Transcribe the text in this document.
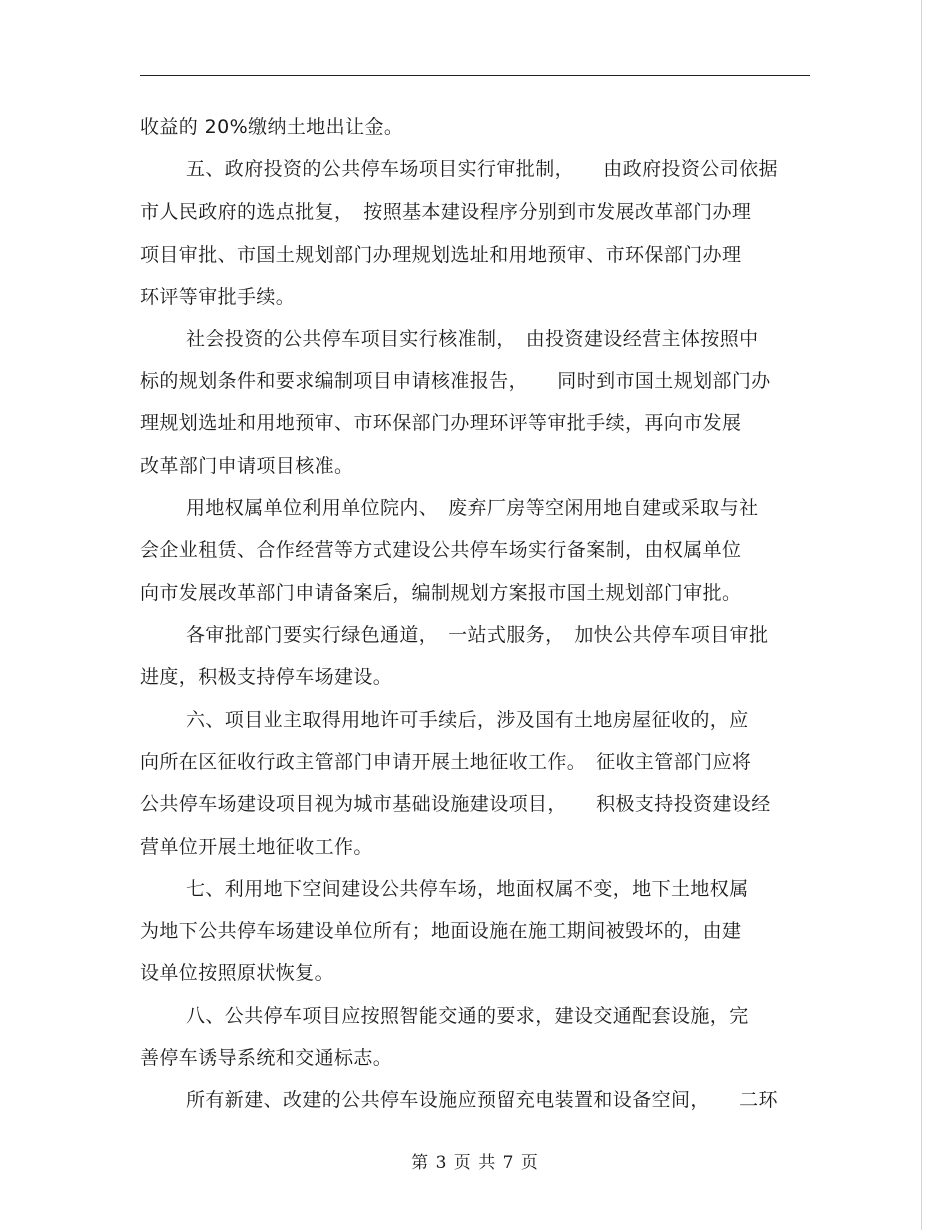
收益的 20%缴纳土地出让金。
五、政府投资的公共停车场项目实行审批制，　　由政府投资公司依据
市人民政府的选点批复，　按照基本建设程序分别到市发展改革部门办理
项目审批、市国土规划部门办理规划选址和用地预审、市环保部门办理
环评等审批手续。
社会投资的公共停车项目实行核准制，　由投资建设经营主体按照中
标的规划条件和要求编制项目申请核准报告，　　同时到市国土规划部门办
理规划选址和用地预审、市环保部门办理环评等审批手续，再向市发展
改革部门申请项目核准。
用地权属单位利用单位院内、　废弃厂房等空闲用地自建或采取与社
会企业租赁、合作经营等方式建设公共停车场实行备案制，由权属单位
向市发展改革部门申请备案后，编制规划方案报市国土规划部门审批。
各审批部门要实行绿色通道，　一站式服务，　加快公共停车项目审批
进度，积极支持停车场建设。
六、项目业主取得用地许可手续后，涉及国有土地房屋征收的，应
向所在区征收行政主管部门申请开展土地征收工作。　征收主管部门应将
公共停车场建设项目视为城市基础设施建设项目，　　积极支持投资建设经
营单位开展土地征收工作。
七、利用地下空间建设公共停车场，地面权属不变，地下土地权属
为地下公共停车场建设单位所有；地面设施在施工期间被毁坏的，由建
设单位按照原状恢复。
八、公共停车项目应按照智能交通的要求，建设交通配套设施，完
善停车诱导系统和交通标志。
所有新建、改建的公共停车设施应预留充电装置和设备空间，　　二环
第 3 页 共 7 页
